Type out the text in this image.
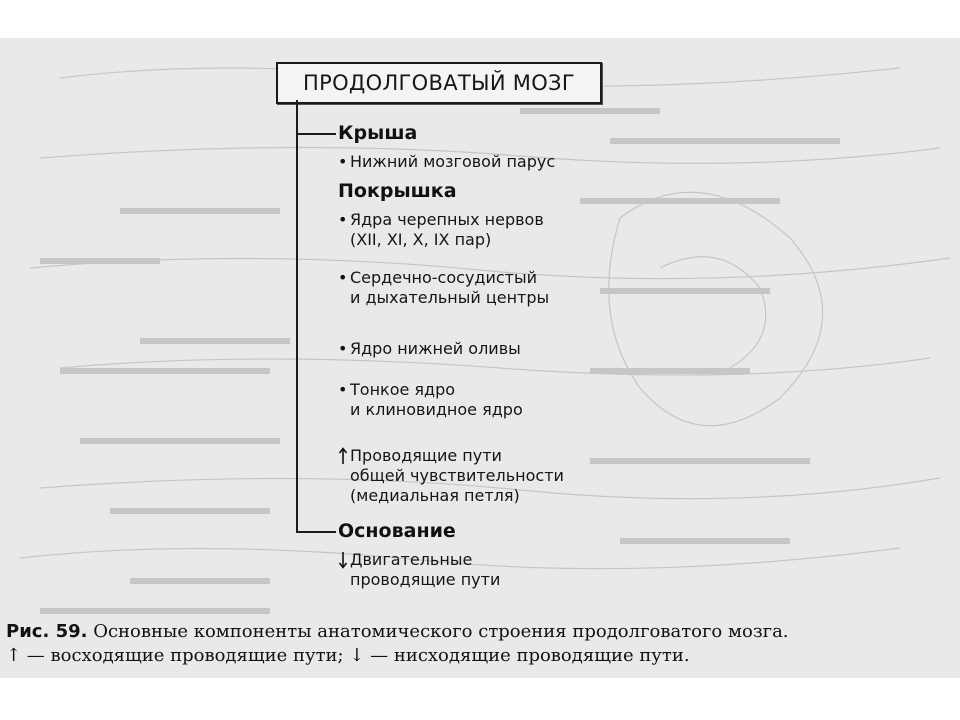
ПРОДОЛГОВАТЫЙ МОЗГ
Крыша
• Нижний мозговой парус
Покрышка
• Ядра черепных нервов
(XII, XI, X, IX пар)
• Сердечно-сосудистый
и дыхательный центры
• Ядро нижней оливы
• Тонкое ядро
и клиновидное ядро
Проводящие пути
общей чувствительности
(медиальная петля)
Основание
Двигательные
проводящие пути
Рис. 59. Основные компоненты анатомического строения продолговатого мозга.
↑ — восходящие проводящие пути; ↓ — нисходящие проводящие пути.
